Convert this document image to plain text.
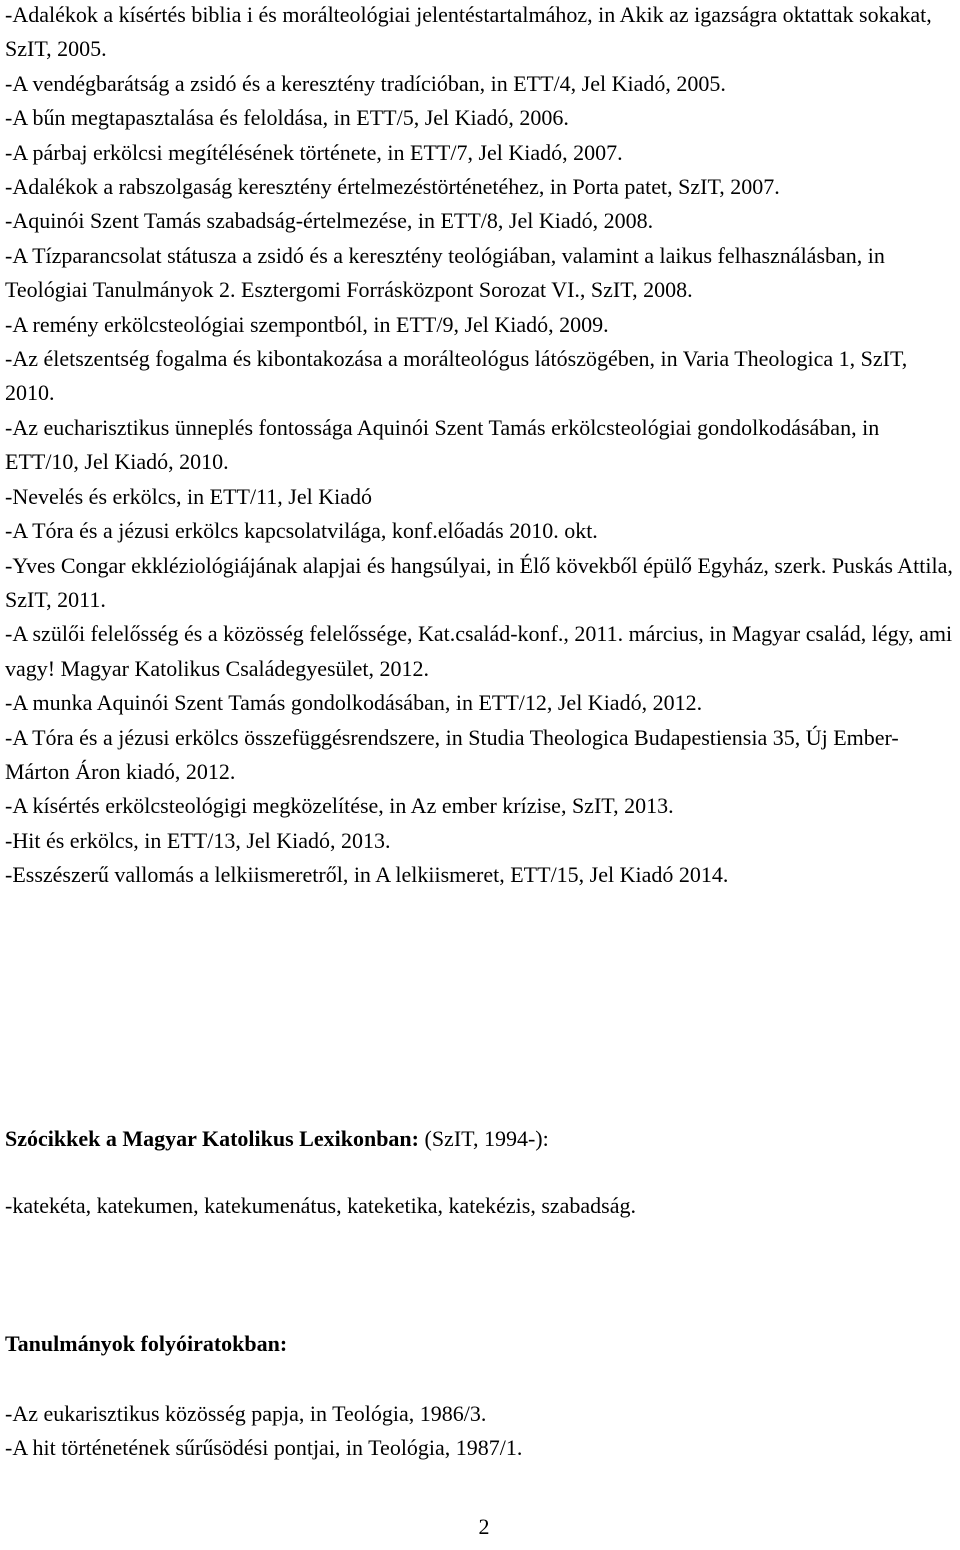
-Adalékok a kísértés biblia i és morálteológiai jelentéstartalmához, in Akik az igazságra oktattak sokakat, SzIT, 2005.
-A vendégbarátság a zsidó és a keresztény tradícióban, in ETT/4, Jel Kiadó, 2005.
-A bűn megtapasztalása és feloldása, in ETT/5, Jel Kiadó, 2006.
-A párbaj erkölcsi megítélésének története, in ETT/7, Jel Kiadó, 2007.
-Adalékok a rabszolgaság keresztény értelmezéstörténetéhez, in Porta patet, SzIT, 2007.
-Aquinói Szent Tamás szabadság-értelmezése, in ETT/8, Jel Kiadó, 2008.
-A Tízparancsolat státusza a zsidó és a keresztény teológiában, valamint a laikus felhasználásban, in Teológiai Tanulmányok 2. Esztergomi Forrásközpont Sorozat VI., SzIT, 2008.
-A remény erkölcsteológiai szempontból, in ETT/9, Jel Kiadó, 2009.
-Az életszentség fogalma és kibontakozása a morálteológus látószögében, in Varia Theologica 1, SzIT, 2010.
-Az eucharisztikus ünneplés fontossága Aquinói Szent Tamás erkölcsteológiai gondolkodásában, in ETT/10, Jel Kiadó, 2010.
-Nevelés és erkölcs, in ETT/11, Jel Kiadó
-A Tóra és a jézusi erkölcs kapcsolatvilága, konf.előadás 2010. okt.
-Yves Congar ekkléziológiájának alapjai és hangsúlyai, in Élő kövekből épülő Egyház, szerk. Puskás Attila, SzIT, 2011.
-A szülői felelősség és a közösség felelőssége, Kat.család-konf., 2011. március, in Magyar család, légy, ami vagy! Magyar Katolikus Családegyesület, 2012.
-A munka Aquinói Szent Tamás gondolkodásában, in ETT/12, Jel Kiadó, 2012.
-A Tóra és a jézusi erkölcs összefüggésrendszere, in Studia Theologica Budapestiensia 35, Új Ember-Márton Áron kiadó, 2012.
-A kísértés erkölcsteológigi megközelítése, in Az ember krízise, SzIT, 2013.
-Hit és erkölcs, in ETT/13, Jel Kiadó, 2013.
-Esszészerű vallomás a lelkiismeretről, in A lelkiismeret, ETT/15, Jel Kiadó 2014.
Szócikkek a Magyar Katolikus Lexikonban: (SzIT, 1994-):

-katekéta, katekumen, katekumenátus, kateketika, katekézis, szabadság.

Tanulmányok folyóiratokban:
-Az eukarisztikus közösség papja, in Teológia, 1986/3.
-A hit történetének sűrűsödési pontjai, in Teológia, 1987/1.
2
